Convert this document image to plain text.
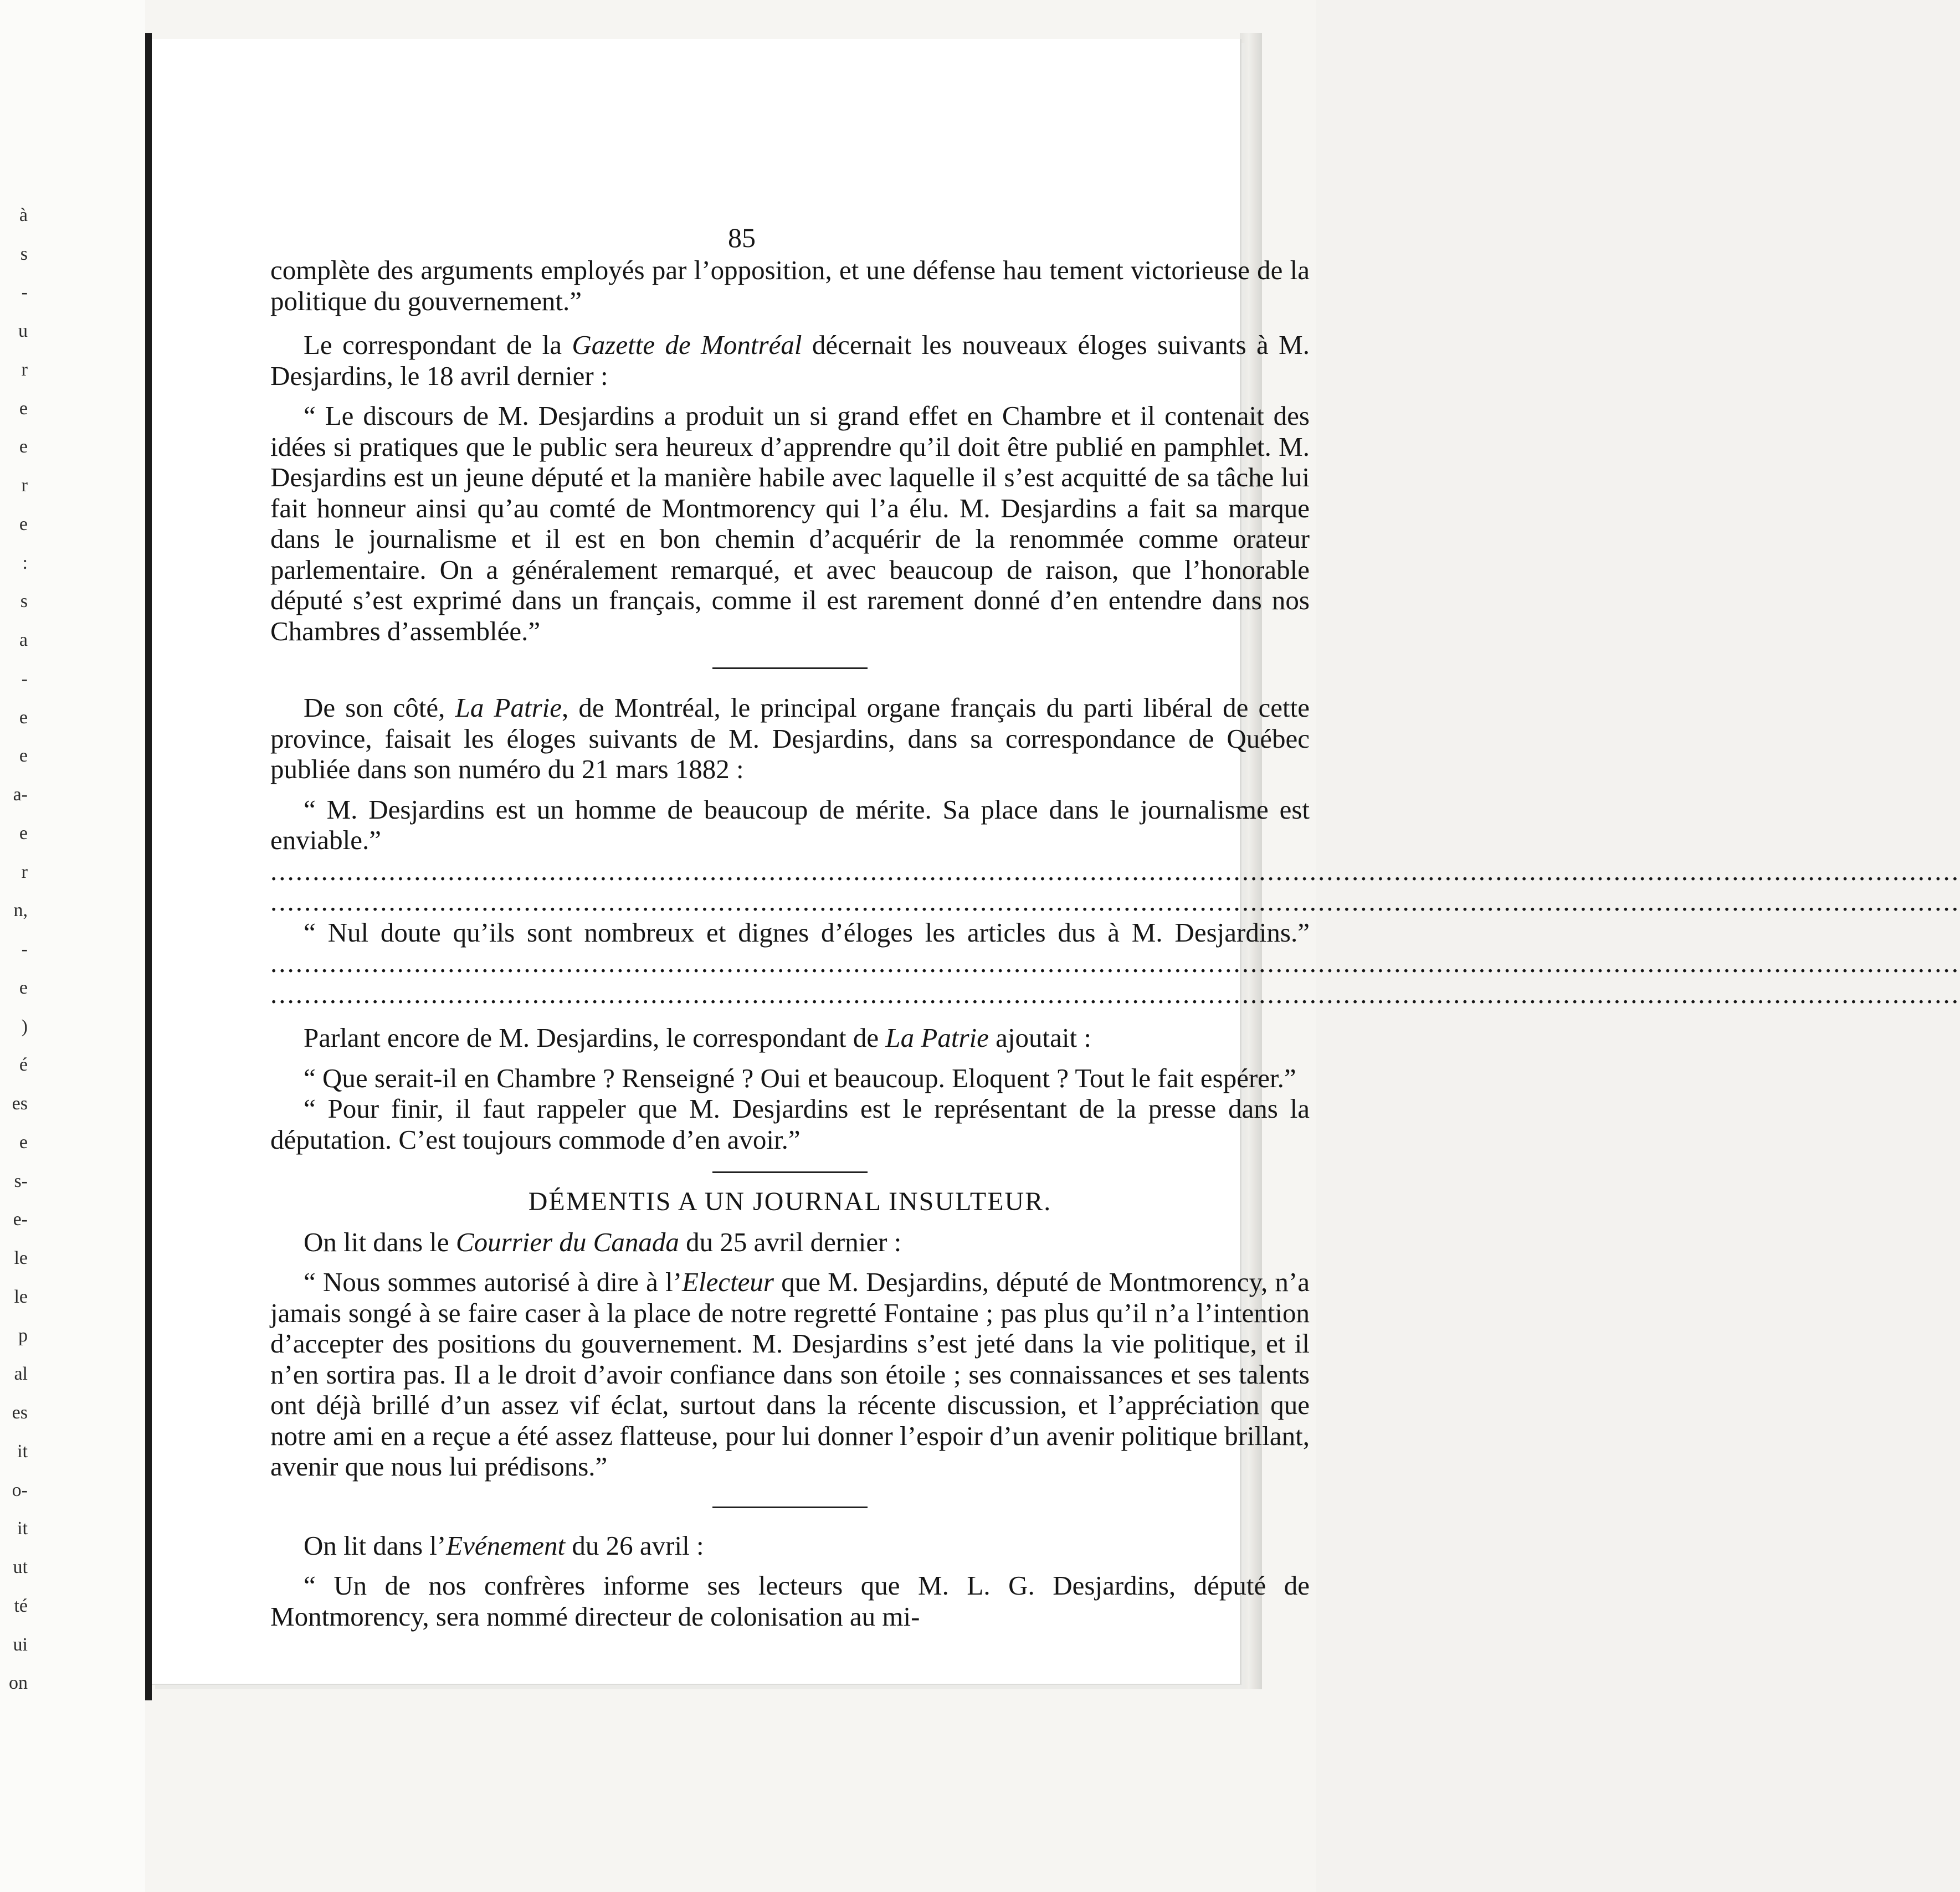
à
s
-
u
r
e
e
r
e
:
s
a
-
e
e
a-
e
r
n,
-
e
)
é
es
e
s-
e-
le
le
p
al
es
it
o-
it
ut
té
ui
on
85

complète des arguments employés par l’opposition, et une défense hau tement victorieuse de la politique du gouvernement.”

Le correspondant de la Gazette de Montréal décernait les nouveaux éloges suivants à M. Desjardins, le 18 avril dernier :

“ Le discours de M. Desjardins a produit un si grand effet en Chambre et il contenait des idées si pratiques que le public sera heureux d’apprendre qu’il doit être publié en pamphlet. M. Desjardins est un jeune député et la manière habile avec laquelle il s’est acquitté de sa tâche lui fait honneur ainsi qu’au comté de Montmorency qui l’a élu. M. Desjardins a fait sa marque dans le journalisme et il est en bon chemin d’acquérir de la renommée comme orateur parlementaire. On a généralement remarqué, et avec beaucoup de raison, que l’honorable député s’est exprimé dans un français, comme il est rarement donné d’en entendre dans nos Chambres d’assemblée.”

De son côté, La Patrie, de Montréal, le principal organe français du parti libéral de cette province, faisait les éloges suivants de M. Desjardins, dans sa correspondance de Québec publiée dans son numéro du 21 mars 1882 :

“ M. Desjardins est un homme de beaucoup de mérite. Sa place dans le journalisme est enviable.” ........................................................................................................................................................................................................

........................................................................................................................................................................................................

“ Nul doute qu’ils sont nombreux et dignes d’éloges les articles dus à M. Desjardins.” ........................................................................................................................................................................................................

........................................................................................................................................................................................................

Parlant encore de M. Desjardins, le correspondant de La Patrie ajoutait :

“ Que serait-il en Chambre ? Renseigné ? Oui et beaucoup. Eloquent ? Tout le fait espérer.”

“ Pour finir, il faut rappeler que M. Desjardins est le représentant de la presse dans la députation. C’est toujours commode d’en avoir.”

DÉMENTIS A UN JOURNAL INSULTEUR.

On lit dans le Courrier du Canada du 25 avril dernier :

“ Nous sommes autorisé à dire à l’Electeur que M. Desjardins, député de Montmorency, n’a jamais songé à se faire caser à la place de notre regretté Fontaine ; pas plus qu’il n’a l’intention d’accepter des positions du gouvernement. M. Desjardins s’est jeté dans la vie politique, et il n’en sortira pas. Il a le droit d’avoir confiance dans son étoile ; ses connaissances et ses talents ont déjà brillé d’un assez vif éclat, surtout dans la récente discussion, et l’appréciation que notre ami en a reçue a été assez flatteuse, pour lui donner l’espoir d’un avenir politique brillant, avenir que nous lui prédisons.”

On lit dans l’Evénement du 26 avril :

“ Un de nos confrères informe ses lecteurs que M. L. G. Desjardins, député de Montmorency, sera nommé directeur de colonisation au mi-
